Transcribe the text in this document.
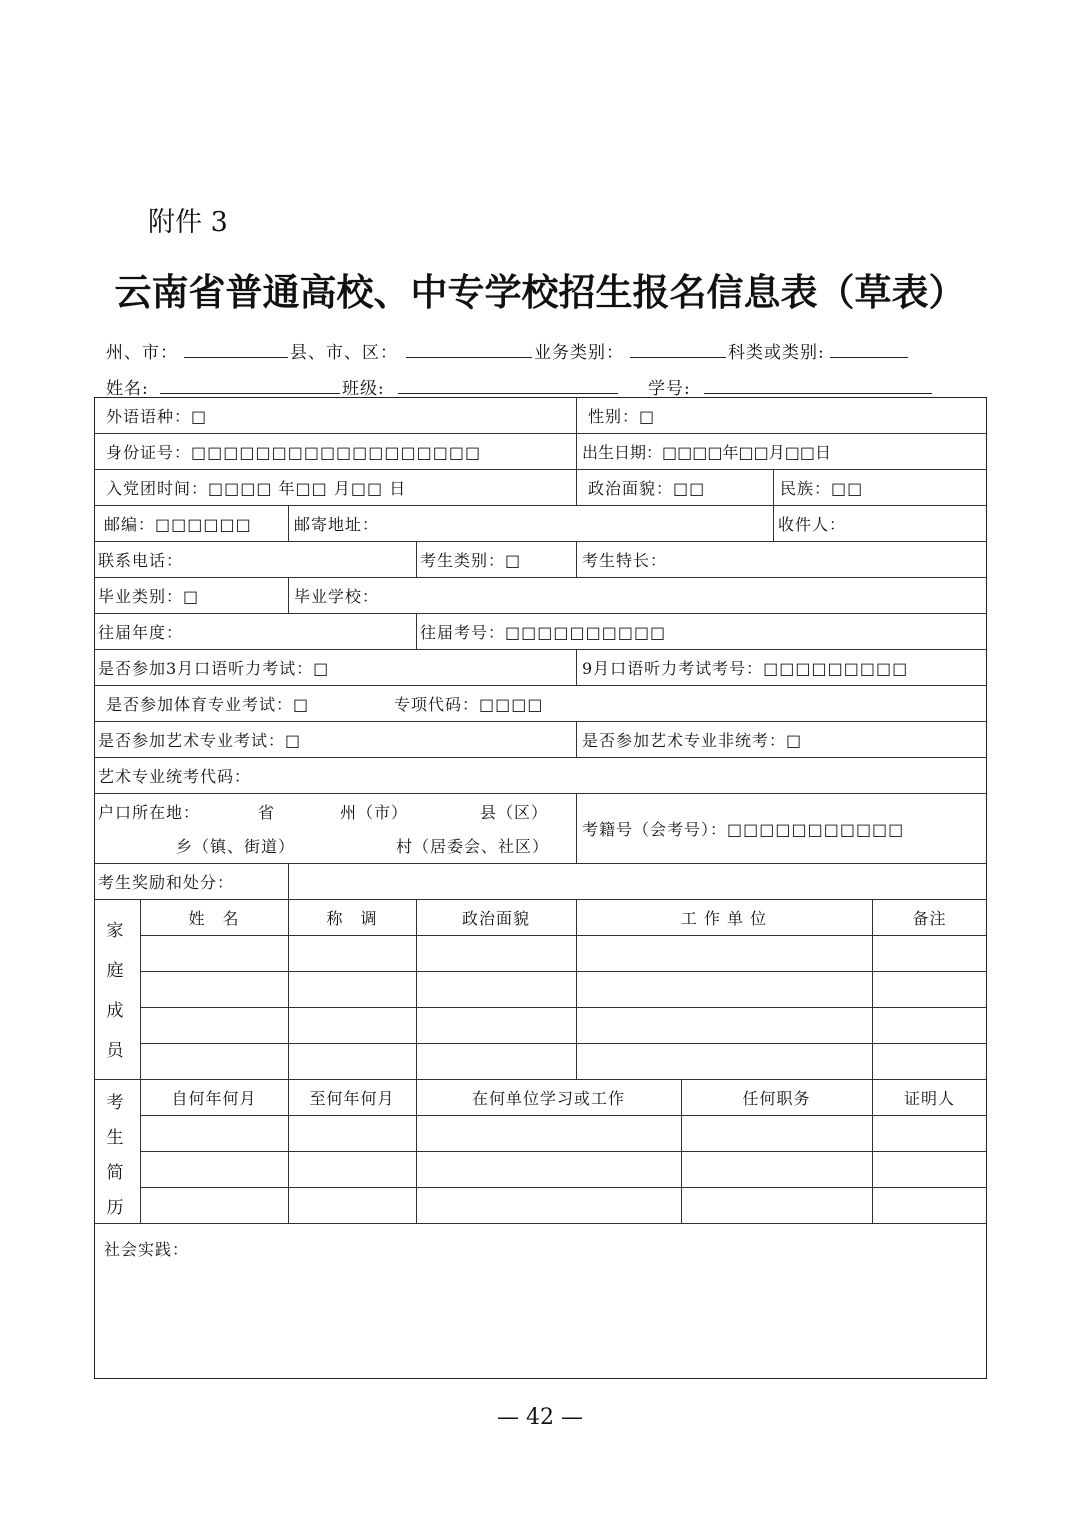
附件 3
云南省普通高校、中专学校招生报名信息表（草表）
州、市：	县、市、区：	业务类别：	科类或类别:
姓名:	班级:	学号:
外语语种：□	性别：□
身份证号：□□□□□□□□□□□□□□□□□□	出生日期：□□□□年□□月□□日
入党团时间：□□□□ 年□□ 月□□ 日	政治面貌：□□	民族：□□
邮编：□□□□□□	邮寄地址：	收件人：
联系电话：	考生类别：□	考生特长：
毕业类别：□	毕业学校：
往届年度：	往届考号：□□□□□□□□□□
是否参加3月口语听力考试：□	9月口语听力考试考号：□□□□□□□□□
是否参加体育专业考试：□	专项代码：□□□□
是否参加艺术专业考试：□	是否参加艺术专业非统考：□
艺术专业统考代码：
户口所在地：	省	州（市）	县（区）
乡（镇、街道）	村（居委会、社区）
考籍号（会考号）：□□□□□□□□□□□
考生奖励和处分：
家
庭
成
员
姓　名	称　调	政治面貌	工 作 单 位	备注
考
生
简
历
自何年何月	至何年何月	在何单位学习或工作	任何职务	证明人
社会实践：
— 42 —
